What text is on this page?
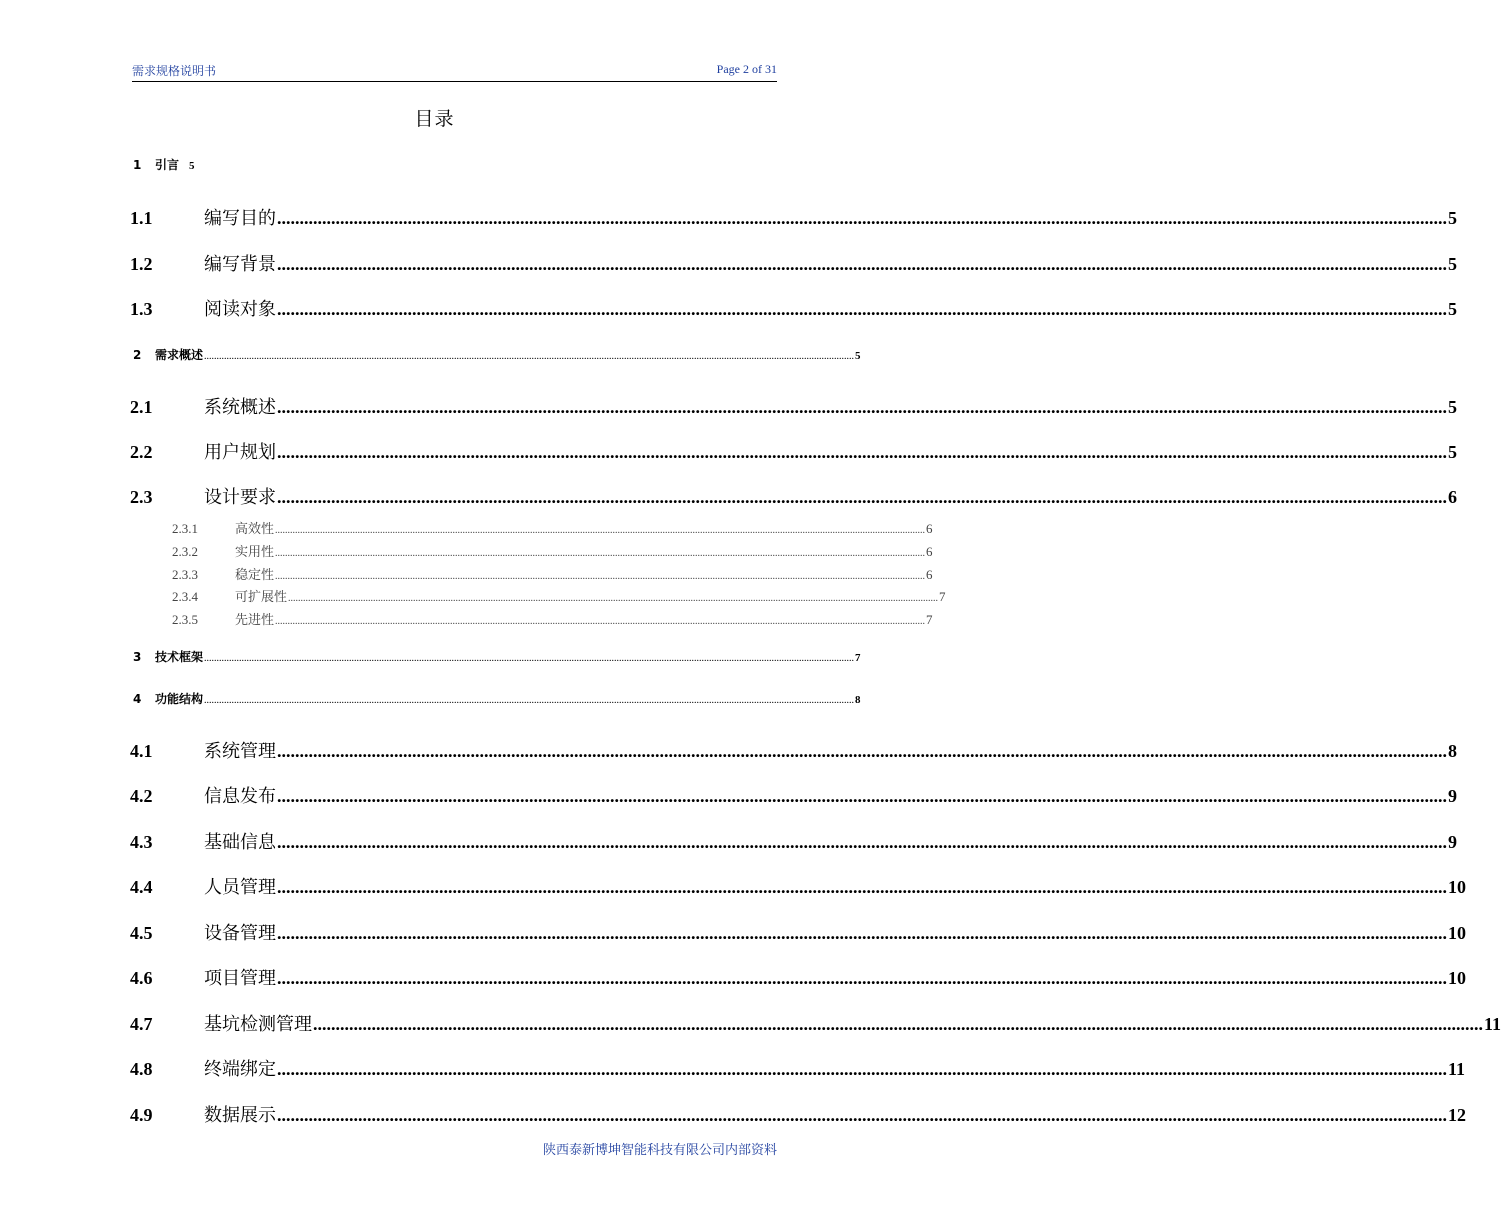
需求规格说明书	Page 2 of 31
目录
1	引言 5
1.1	编写目的 .................................................................................................................................................................................................................................................................... 5
1.2	编写背景 .................................................................................................................................................................................................................................................................... 5
1.3	阅读对象 .................................................................................................................................................................................................................................................................... 5
2	需求概述 .................................................................................................................................................................................................................................................................... 5
2.1	系统概述 .................................................................................................................................................................................................................................................................... 5
2.2	用户规划 .................................................................................................................................................................................................................................................................... 5
2.3	设计要求 .................................................................................................................................................................................................................................................................... 6
2.3.1	高效性 .................................................................................................................................................................................................................................................................... 6
2.3.2	实用性 .................................................................................................................................................................................................................................................................... 6
2.3.3	稳定性 .................................................................................................................................................................................................................................................................... 6
2.3.4	可扩展性 .................................................................................................................................................................................................................................................................... 7
2.3.5	先进性 .................................................................................................................................................................................................................................................................... 7
3	技术框架 .................................................................................................................................................................................................................................................................... 7
4	功能结构 .................................................................................................................................................................................................................................................................... 8
4.1	系统管理 .................................................................................................................................................................................................................................................................... 8
4.2	信息发布 .................................................................................................................................................................................................................................................................... 9
4.3	基础信息 .................................................................................................................................................................................................................................................................... 9
4.4	人员管理 .................................................................................................................................................................................................................................................................... 10
4.5	设备管理 .................................................................................................................................................................................................................................................................... 10
4.6	项目管理 .................................................................................................................................................................................................................................................................... 10
4.7	基坑检测管理 .................................................................................................................................................................................................................................................................... 11
4.8	终端绑定 .................................................................................................................................................................................................................................................................... 11
4.9	数据展示 .................................................................................................................................................................................................................................................................... 12
陕西泰新博坤智能科技有限公司内部资料
